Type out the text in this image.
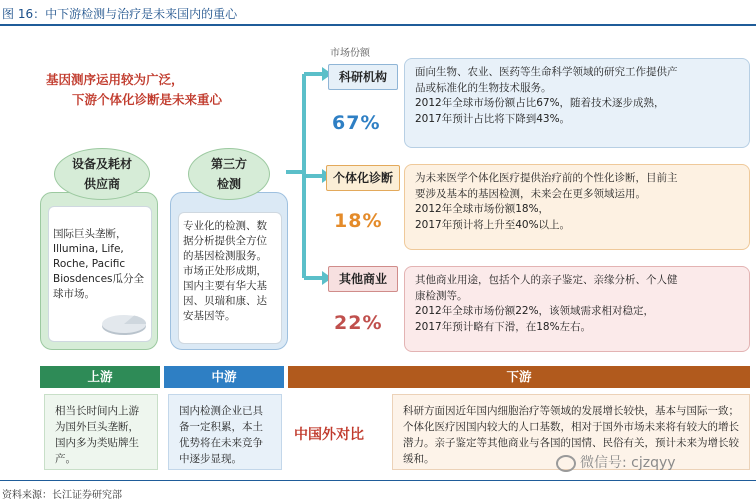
图 16：中下游检测与治疗是未来国内的重心
基因测序运用较为广泛，
下游个体化诊断是未来重心
市场份额
设备及耗材
供应商
国际巨头垄断，Illumina, Life, Roche, Pacific Biosdences瓜分全球市场。
第三方
检测
专业化的检测、数据分析提供全方位的基因检测服务。市场正处形成期，国内主要有华大基因、贝瑞和康、达安基因等。
面向生物、农业、医药等生命科学领域的研究工作提供产
品或标准化的生物技术服务。
2012年全球市场份额占比67%，随着技术逐步成熟，
2017年预计占比将下降到43%。
科研机构
67%
为未来医学个体化医疗提供治疗前的个性化诊断，目前主
要涉及基本的基因检测，未来会在更多领域运用。
2012年全球市场份额18%，
2017年预计将上升至40%以上。
个体化诊断
18%
其他商业用途，包括个人的亲子鉴定、亲缘分析、个人健
康检测等。
2012年全球市场份额22%，该领域需求相对稳定，
2017年预计略有下滑，在18%左右。
其他商业
22%
上游	中游	下游
相当长时间内上游为国外巨头垄断，国内多为类贴牌生产。
国内检测企业已具备一定积累，本土优势将在未来竞争中逐步显现。
中国外对比
科研方面因近年国内细胞治疗等领域的发展增长较快，基本与国际一致；个体化医疗因国内较大的人口基数，相对于国外市场未来将有较大的增长潜力。亲子鉴定等其他商业与各国的国情、民俗有关，预计未来为增长较缓和。	微信号: cjzqyy
资料来源：长江证券研究部
